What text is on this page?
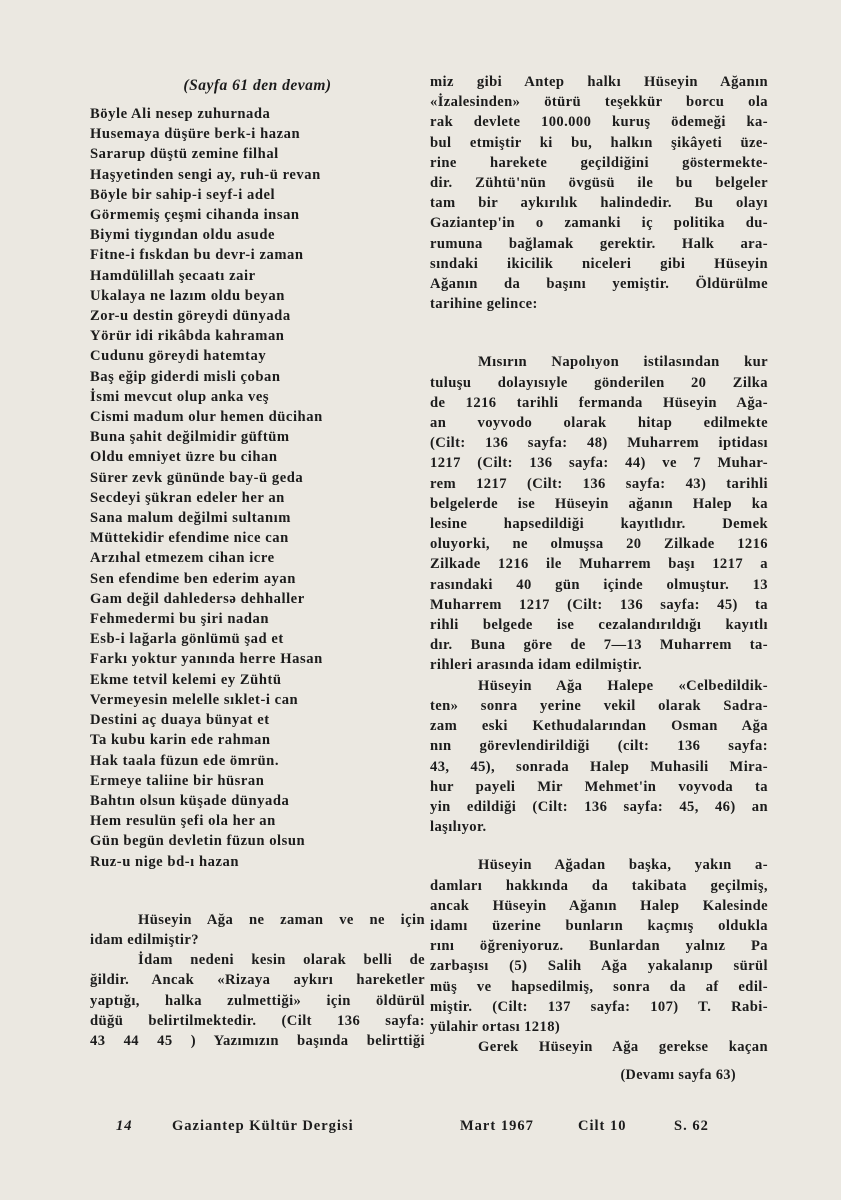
(Sayfa 61 den devam)
Böyle Ali nesep zuhurnada
Husemaya düşüre berk-i hazan
Sararup düştü zemine filhal
Haşyetinden sengi ay, ruh-ü revan
Böyle bir sahip-i seyf-i adel
Görmemiş çeşmi cihanda insan
Biymi tiygından oldu asude
Fitne-i fıskdan bu devr-i zaman
Hamdülillah şecaatı zair
Ukalaya ne lazım oldu beyan
Zor-u destin göreydi dünyada
Yörür idi rikâbda kahraman
Cudunu göreydi hatemtay
Baş eğip giderdi misli çoban
İsmi mevcut olup anka veş
Cismi madum olur hemen dücihan
Buna şahit değilmidir güftüm
Oldu emniyet üzre bu cihan
Sürer zevk gününde bay-ü geda
Secdeyi şükran edeler her an
Sana malum değilmi sultanım
Müttekidir efendime nice can
Arzıhal etmezem cihan icre
Sen efendime ben ederim ayan
Gam değil dahledersə dehhaller
Fehmedermi bu şiri nadan
Esb-i lağarla gönlümü şad et
Farkı yoktur yanında herre Hasan
Ekme tetvil kelemi ey Zühtü
Vermeyesin melelle sıklet-i can
Destini aç duaya bünyat et
Ta kubu karin ede rahman
Hak taala füzun ede ömrün.
Ermeye taliine bir hüsran
Bahtın olsun küşade dünyada
Hem resulün şefi ola her an
Gün begün devletin füzun olsun
Ruz-u nige bd-ı hazan
Hüseyin Ağa ne zaman ve ne için
idam edilmiştir?
İdam nedeni kesin olarak belli de
ğildir. Ancak «Rizaya aykırı hareketler
yaptığı, halka zulmettiği» için öldürül
düğü belirtilmektedir. (Cilt 136 sayfa:
43 44 45 ) Yazımızın başında belirttiği
miz gibi Antep halkı Hüseyin Ağanın
«İzalesinden» ötürü teşekkür borcu ola
rak devlete 100.000 kuruş ödemeği ka-
bul etmiştir ki bu, halkın şikâyeti üze-
rine harekete geçildiğini göstermekte-
dir. Zühtü'nün övgüsü ile bu belgeler
tam bir aykırılık halindedir. Bu olayı
Gaziantep'in o zamanki iç politika du-
rumuna bağlamak gerektir. Halk ara-
sındaki ikicilik niceleri gibi Hüseyin
Ağanın da başını yemiştir. Öldürülme
tarihine gelince:
Mısırın Napolıyon istilasından kur
tuluşu dolayısıyle gönderilen 20 Zilka
de 1216 tarihli fermanda Hüseyin Ağa-
an voyvodo olarak hitap edilmekte
(Cilt: 136 sayfa: 48) Muharrem iptidası
1217 (Cilt: 136 sayfa: 44) ve 7 Muhar-
rem 1217 (Cilt: 136 sayfa: 43) tarihli
belgelerde ise Hüseyin ağanın Halep ka
lesine hapsedildiği kayıtlıdır. Demek
oluyorki, ne olmuşsa 20 Zilkade 1216
Zilkade 1216 ile Muharrem başı 1217 a
rasındaki 40 gün içinde olmuştur. 13
Muharrem 1217 (Cilt: 136 sayfa: 45) ta
rihli belgede ise cezalandırıldığı kayıtlı
dır. Buna göre de 7—13 Muharrem ta-
rihleri arasında idam edilmiştir.
Hüseyin Ağa Halepe «Celbedildik-
ten» sonra yerine vekil olarak Sadra-
zam eski Kethudalarından Osman Ağa
nın görevlendirildiği (cilt: 136 sayfa:
43, 45), sonrada Halep Muhasili Mira-
hur payeli Mir Mehmet'in voyvoda ta
yin edildiği (Cilt: 136 sayfa: 45, 46) an
laşılıyor.
Hüseyin Ağadan başka, yakın a-
damları hakkında da takibata geçilmiş,
ancak Hüseyin Ağanın Halep Kalesinde
idamı üzerine bunların kaçmış oldukla
rını öğreniyoruz. Bunlardan yalnız Pa
zarbaşısı (5) Salih Ağa yakalanıp sürül
müş ve hapsedilmiş, sonra da af edil-
miştir. (Cilt: 137 sayfa: 107) T. Rabi-
yülahir ortası 1218)
Gerek Hüseyin Ağa gerekse kaçan
(Devamı sayfa 63)
14	Gaziantep Kültür Dergisi	Mart 1967	Cilt 10	S. 62
